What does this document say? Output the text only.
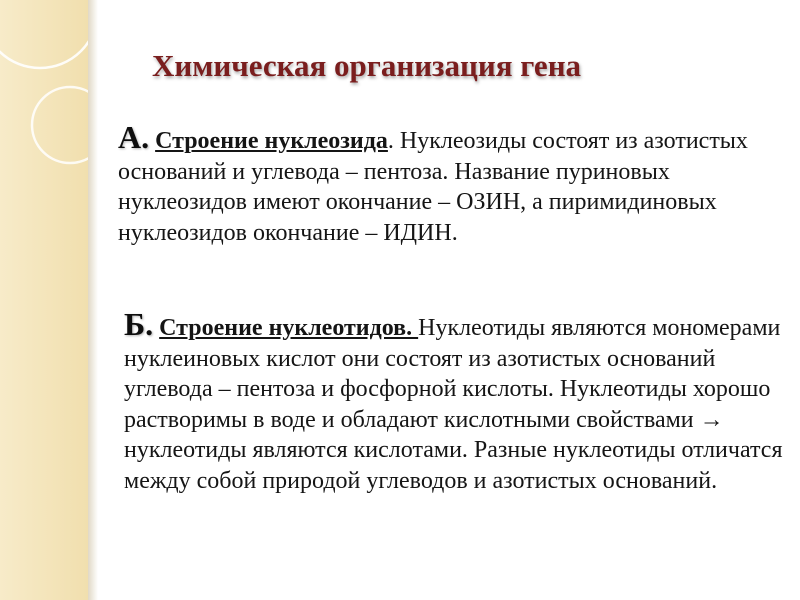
Химическая организация гена
А. Строение нуклеозида. Нуклеозиды состоят из азотистых оснований и углевода – пентоза. Название пуриновых нуклеозидов имеют окончание – ОЗИН, а пиримидиновых нуклеозидов окончание – ИДИН.
Б. Строение нуклеотидов. Нуклеотиды являются мономерами нуклеиновых кислот они состоят из азотистых оснований углевода – пентоза и фосфорной кислоты. Нуклеотиды хорошо растворимы в воде и обладают кислотными свойствами → нуклеотиды являются кислотами. Разные нуклеотиды отличатся между собой природой углеводов и азотистых оснований.
